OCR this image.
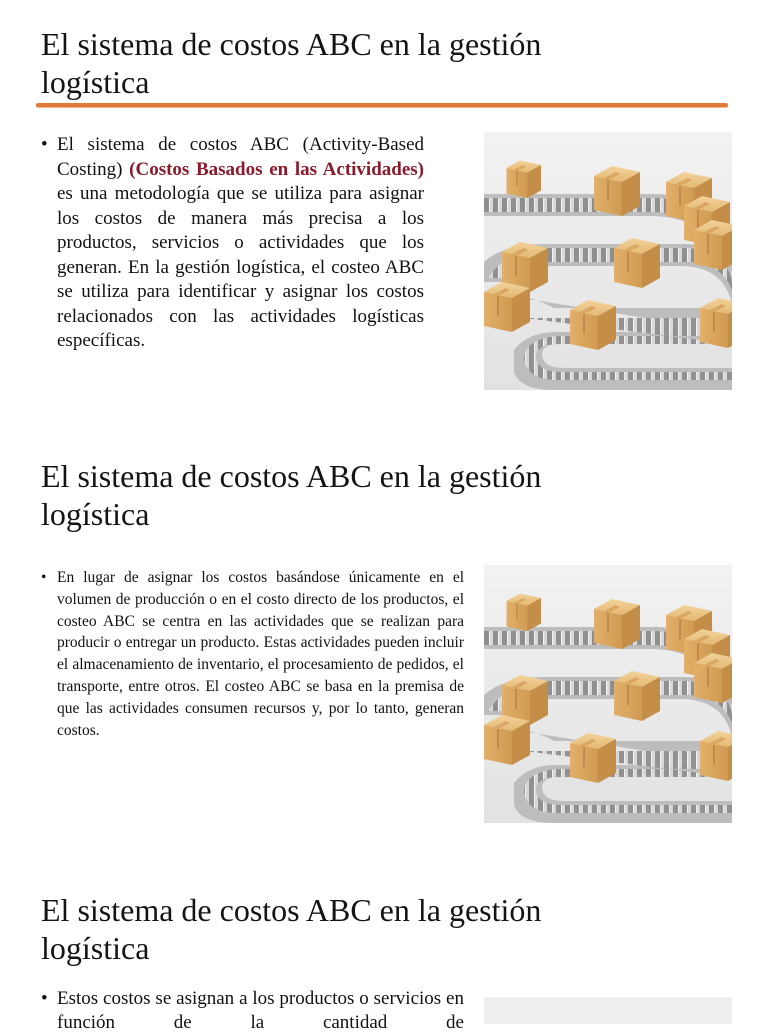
El sistema de costos ABC en la gestión
logística
• El sistema de costos ABC (Activity-Based Costing) (Costos Basados en las Actividades) es una metodología que se utiliza para asignar los costos de manera más precisa a los productos, servicios o actividades que los generan. En la gestión logística, el costeo ABC se utiliza para identificar y asignar los costos relacionados con las actividades logísticas específicas.
El sistema de costos ABC en la gestión
logística
• En lugar de asignar los costos basándose únicamente en el volumen de producción o en el costo directo de los productos, el costeo ABC se centra en las actividades que se realizan para producir o entregar un producto. Estas actividades pueden incluir el almacenamiento de inventario, el procesamiento de pedidos, el transporte, entre otros. El costeo ABC se basa en la premisa de que las actividades consumen recursos y, por lo tanto, generan costos.
El sistema de costos ABC en la gestión
logística
• Estos costos se asignan a los productos o servicios en función de la cantidad de
